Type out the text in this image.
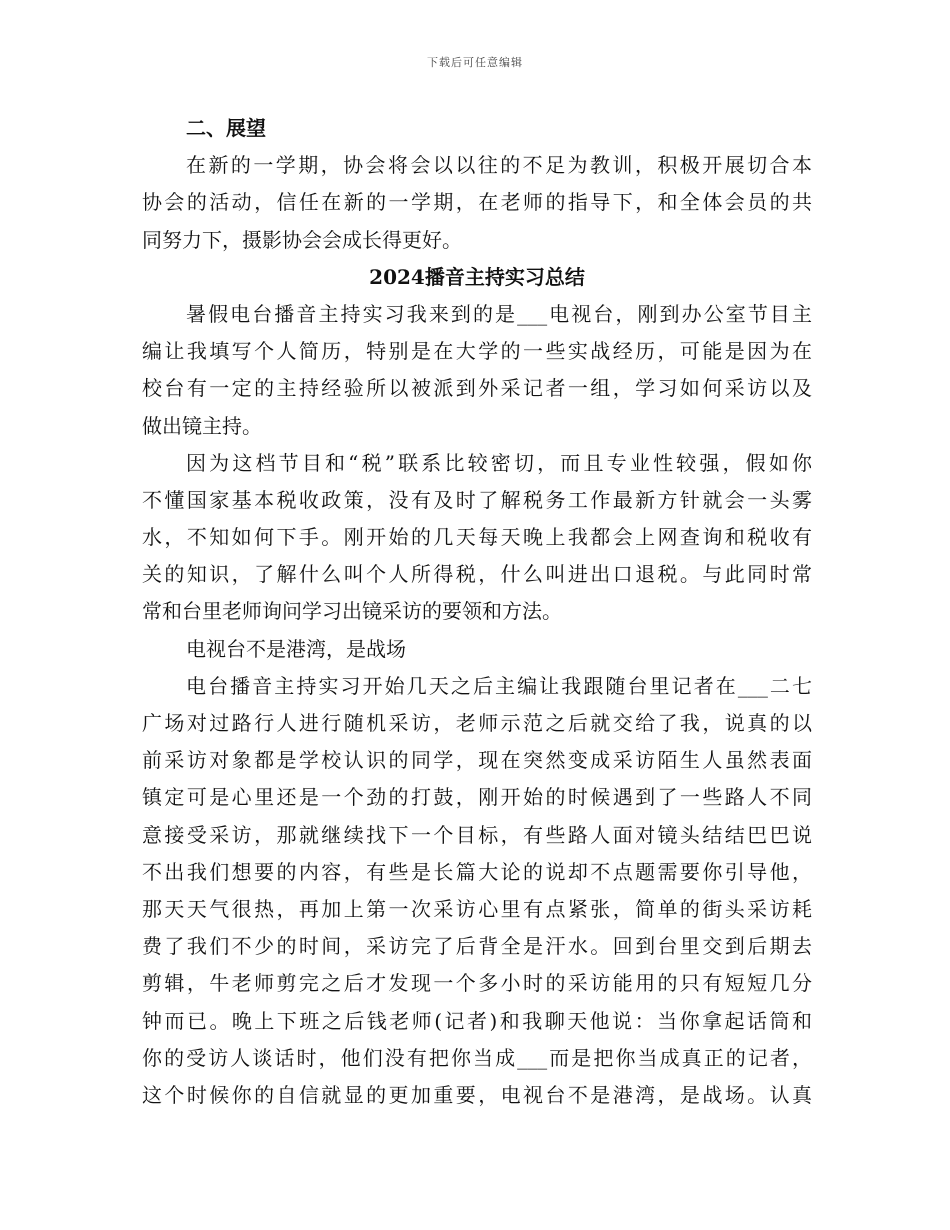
下载后可任意编辑
二、展望
在新的一学期，协会将会以以往的不足为教训，积极开展切合本
协会的活动，信任在新的一学期，在老师的指导下，和全体会员的共
同努力下，摄影协会会成长得更好。
2024播音主持实习总结
暑假电台播音主持实习我来到的是___电视台，刚到办公室节目主
编让我填写个人简历，特别是在大学的一些实战经历，可能是因为在
校台有一定的主持经验所以被派到外采记者一组，学习如何采访以及
做出镜主持。
因为这档节目和“税”联系比较密切，而且专业性较强，假如你
不懂国家基本税收政策，没有及时了解税务工作最新方针就会一头雾
水，不知如何下手。刚开始的几天每天晚上我都会上网查询和税收有
关的知识，了解什么叫个人所得税，什么叫进出口退税。与此同时常
常和台里老师询问学习出镜采访的要领和方法。
电视台不是港湾，是战场
电台播音主持实习开始几天之后主编让我跟随台里记者在___二七
广场对过路行人进行随机采访，老师示范之后就交给了我，说真的以
前采访对象都是学校认识的同学，现在突然变成采访陌生人虽然表面
镇定可是心里还是一个劲的打鼓，刚开始的时候遇到了一些路人不同
意接受采访，那就继续找下一个目标，有些路人面对镜头结结巴巴说
不出我们想要的内容，有些是长篇大论的说却不点题需要你引导他，
那天天气很热，再加上第一次采访心里有点紧张，简单的街头采访耗
费了我们不少的时间，采访完了后背全是汗水。回到台里交到后期去
剪辑，牛老师剪完之后才发现一个多小时的采访能用的只有短短几分
钟而已。晚上下班之后钱老师(记者)和我聊天他说：当你拿起话筒和
你的受访人谈话时，他们没有把你当成___而是把你当成真正的记者，
这个时候你的自信就显的更加重要，电视台不是港湾，是战场。认真
